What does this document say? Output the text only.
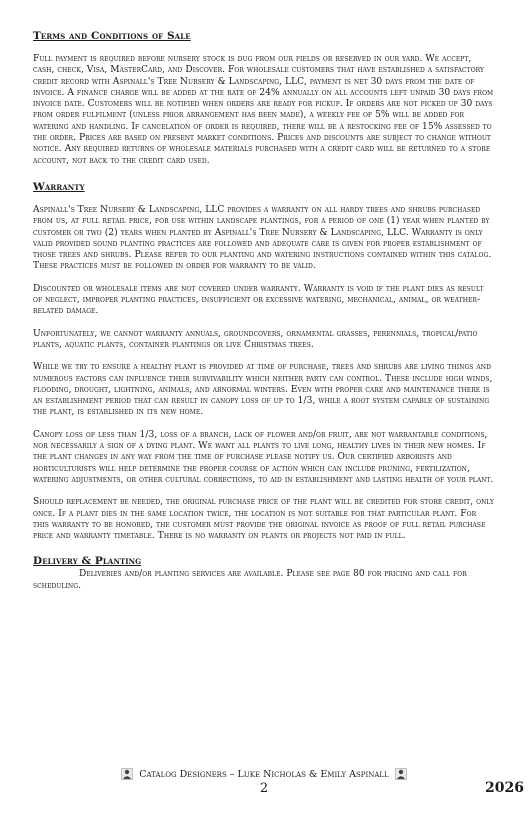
Terms and Conditions of Sale

Full payment is required before nursery stock is dug from our fields or reserved in our yard. We accept, cash, check, Visa, MasterCard, and Discover. For wholesale customers that have established a satisfactory credit record with Aspinall's Tree Nursery & Landscaping, LLC, payment is net 30 days from the date of invoice. A finance charge will be added at the rate of 24% annually on all accounts left unpaid 30 days from invoice date. Customers will be notified when orders are ready for pickup. If orders are not picked up 30 days from order fulfilment (unless prior arrangement has been made), a weekly fee of 5% will be added for watering and handling. If cancelation of order is required, there will be a restocking fee of 15% assessed to the order. Prices are based on present market conditions. Prices and discounts are subject to change without notice. Any required returns of wholesale materials purchased with a credit card will be returned to a store account, not back to the credit card used.

Warranty

Aspinall's Tree Nursery & Landscaping, LLC provides a warranty on all hardy trees and shrubs purchased from us, at full retail price, for use within landscape plantings, for a period of one (1) year when planted by customer or two (2) years when planted by Aspinall's Tree Nursery & Landscaping, LLC. Warranty is only valid provided sound planting practices are followed and adequate care is given for proper establishment of those trees and shrubs. Please refer to our planting and watering instructions contained within this catalog. These practices must be followed in order for warranty to be valid.

Discounted or wholesale items are not covered under warranty. Warranty is void if the plant dies as result of neglect, improper planting practices, insufficient or excessive watering, mechanical, animal, or weather-related damage.

Unfortunately, we cannot warranty annuals, groundcovers, ornamental grasses, perennials, tropical/patio plants, aquatic plants, container plantings or live Christmas trees.

While we try to ensure a healthy plant is provided at time of purchase, trees and shrubs are living things and numerous factors can influence their survivability which neither party can control. These include high winds, flooding, drought, lightning, animals, and abnormal winters. Even with proper care and maintenance there is an establishment period that can result in canopy loss of up to 1/3, while a root system capable of sustaining the plant, is established in its new home.

Canopy loss of less than 1/3, loss of a branch, lack of flower and/or fruit, are not warrantable conditions, nor necessarily a sign of a dying plant. We want all plants to live long, healthy lives in their new homes. If the plant changes in any way from the time of purchase please notify us. Our certified arborists and horticulturists will help determine the proper course of action which can include pruning, fertilization, watering adjustments, or other cultural corrections, to aid in establishment and lasting health of your plant.

Should replacement be needed, the original purchase price of the plant will be credited for store credit, only once. If a plant dies in the same location twice, the location is not suitable for that particular plant. For this warranty to be honored, the customer must provide the original invoice as proof of full retail purchase price and warranty timetable. There is no warranty on plants or projects not paid in full.

Delivery & Planting

Deliveries and/or planting services are available. Please see page 80 for pricing and call for scheduling.

Catalog Designers – Luke Nicholas & Emily Aspinall
2	2026
